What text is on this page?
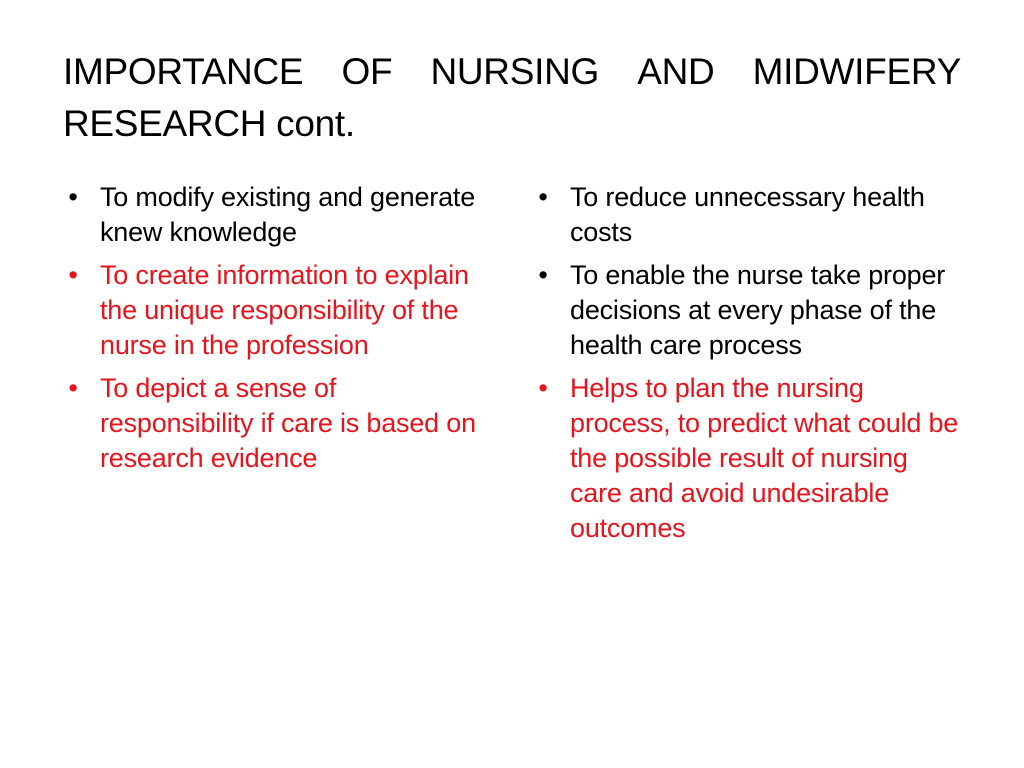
IMPORTANCE OF NURSING AND MIDWIFERY
RESEARCH cont.
• To modify existing and generate knew knowledge
• To create information to explain the unique responsibility of the nurse in the profession
• To depict a sense of responsibility if care is based on research evidence
• To reduce unnecessary health costs
• To enable the nurse take proper decisions at every phase of the health care process
• Helps to plan the nursing process, to predict what could be the possible result of nursing care and avoid undesirable outcomes
